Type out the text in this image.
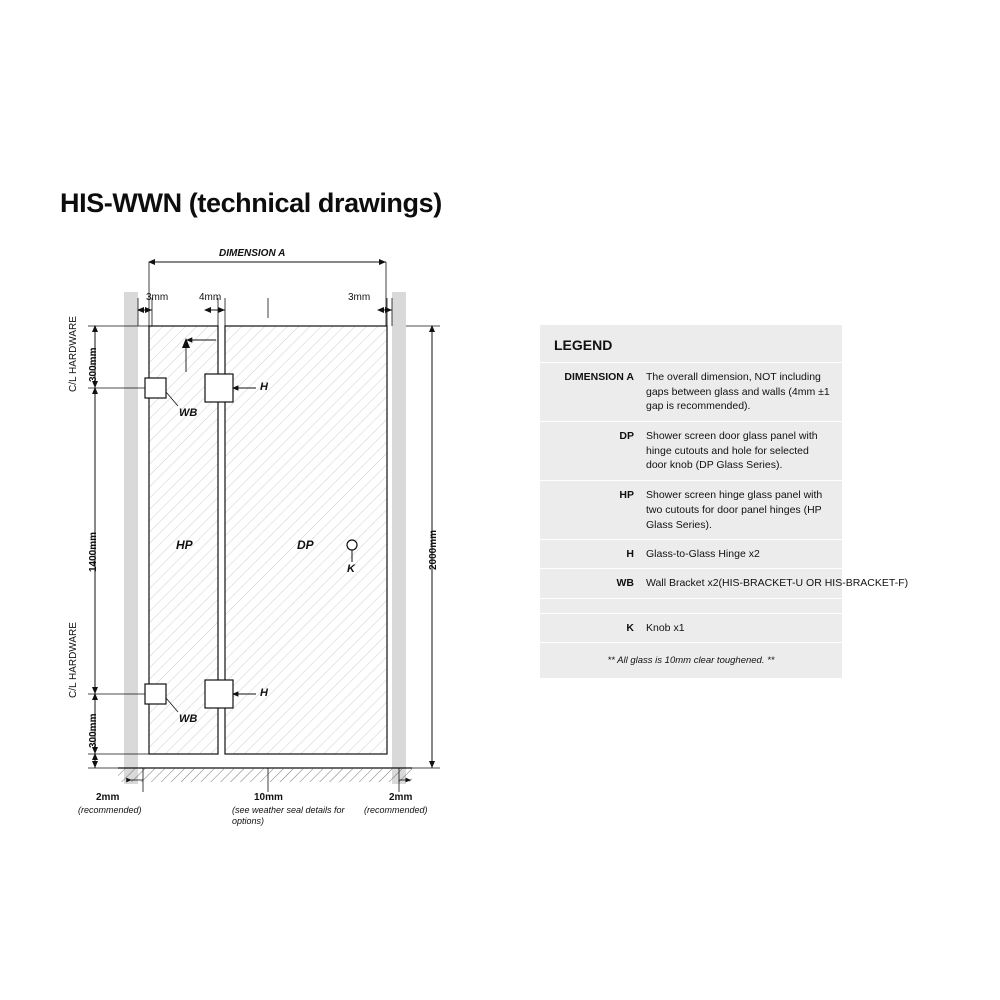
HIS-WWN (technical drawings)
DIMENSION A
3mm	4mm	3mm
C/L HARDWARE 300mm
1400mm
C/L HARDWARE
300mm
2000mm
HP	DP
WB
WB
H
H
K
2mm
(recommended)
10mm
(see weather seal details for options)
2mm
(recommended)
LEGEND
DIMENSION A	The overall dimension, NOT including gaps between glass and walls (4mm ±1 gap is recommended).
DP	Shower screen door glass panel with hinge cutouts and hole for selected door knob (DP Glass Series).
HP	Shower screen hinge glass panel with two cutouts for door panel hinges (HP Glass Series).
H	Glass-to-Glass Hinge x2
WB	Wall Bracket x2(HIS-BRACKET-U OR HIS-BRACKET-F)
K	Knob x1
** All glass is 10mm clear toughened. **
